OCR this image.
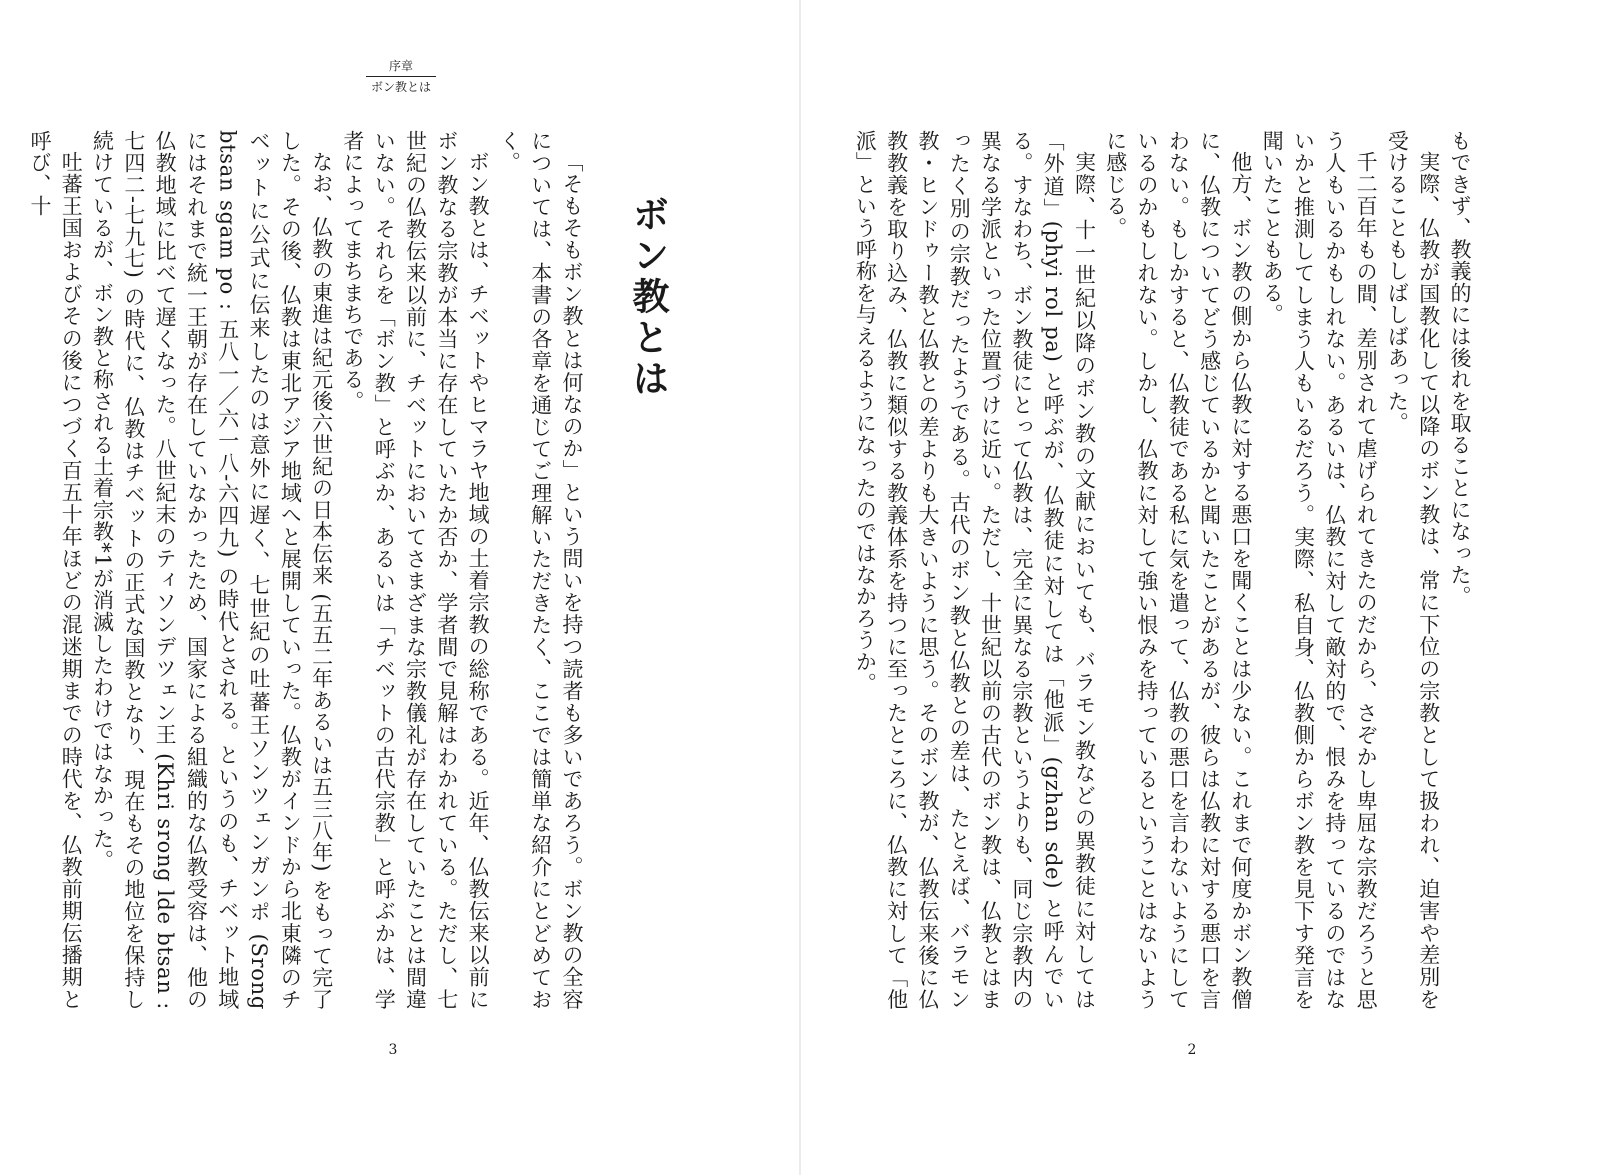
序章
ボン教とは
ボン教とは

「そもそもボン教とは何なのか」という問いを持つ読者も多いであろう。ボン教の全容については、本書の各章を通じてご理解いただきたく、ここでは簡単な紹介にとどめておく。

ボン教とは、チベットやヒマラヤ地域の土着宗教の総称である。近年、仏教伝来以前にボン教なる宗教が本当に存在していたか否か、学者間で見解はわかれている。ただし、七世紀の仏教伝来以前に、チベットにおいてさまざまな宗教儀礼が存在していたことは間違いない。それらを「ボン教」と呼ぶか、あるいは「チベットの古代宗教」と呼ぶかは、学者によってまちまちである。

なお、仏教の東進は紀元後六世紀の日本伝来 (五五二年あるいは五三八年) をもって完了した。その後、仏教は東北アジア地域へと展開していった。仏教がインドから北東隣のチベットに公式に伝来したのは意外に遅く、七世紀の吐蕃王ソンツェンガンポ (Srong btsan sgam po : 五八一／六一八-六四九) の時代とされる。というのも、チベット地域にはそれまで統一王朝が存在していなかったため、国家による組織的な仏教受容は、他の仏教地域に比べて遅くなった。八世紀末のティソンデツェン王 (Khri srong lde btsan : 七四二-七九七) の時代に、仏教はチベットの正式な国教となり、現在もその地位を保持し続けているが、ボン教と称される土着宗教*1が消滅したわけではなかった。

吐蕃王国およびその後につづく百五十年ほどの混迷期までの時代を、仏教前期伝播期と呼び、十

3

もできず、教義的には後れを取ることになった。

実際、仏教が国教化して以降のボン教は、常に下位の宗教として扱われ、迫害や差別を受けることもしばしばあった。

千二百年もの間、差別されて虐げられてきたのだから、さぞかし卑屈な宗教だろうと思う人もいるかもしれない。あるいは、仏教に対して敵対的で、恨みを持っているのではないかと推測してしまう人もいるだろう。実際、私自身、仏教側からボン教を見下す発言を聞いたこともある。

他方、ボン教の側から仏教に対する悪口を聞くことは少ない。これまで何度かボン教僧に、仏教についてどう感じているかと聞いたことがあるが、彼らは仏教に対する悪口を言わない。もしかすると、仏教徒である私に気を遣って、仏教の悪口を言わないようにしているのかもしれない。しかし、仏教に対して強い恨みを持っているということはないように感じる。

実際、十一世紀以降のボン教の文献においても、バラモン教などの異教徒に対しては「外道」(phyi rol pa) と呼ぶが、仏教徒に対しては「他派」(gzhan sde) と呼んでいる。すなわち、ボン教徒にとって仏教は、完全に異なる宗教というよりも、同じ宗教内の異なる学派といった位置づけに近い。ただし、十世紀以前の古代のボン教は、仏教とはまったく別の宗教だったようである。古代のボン教と仏教との差は、たとえば、バラモン教・ヒンドゥー教と仏教との差よりも大きいように思う。そのボン教が、仏教伝来後に仏教教義を取り込み、仏教に類似する教義体系を持つに至ったところに、仏教に対して「他派」という呼称を与えるようになったのではなかろうか。

2
